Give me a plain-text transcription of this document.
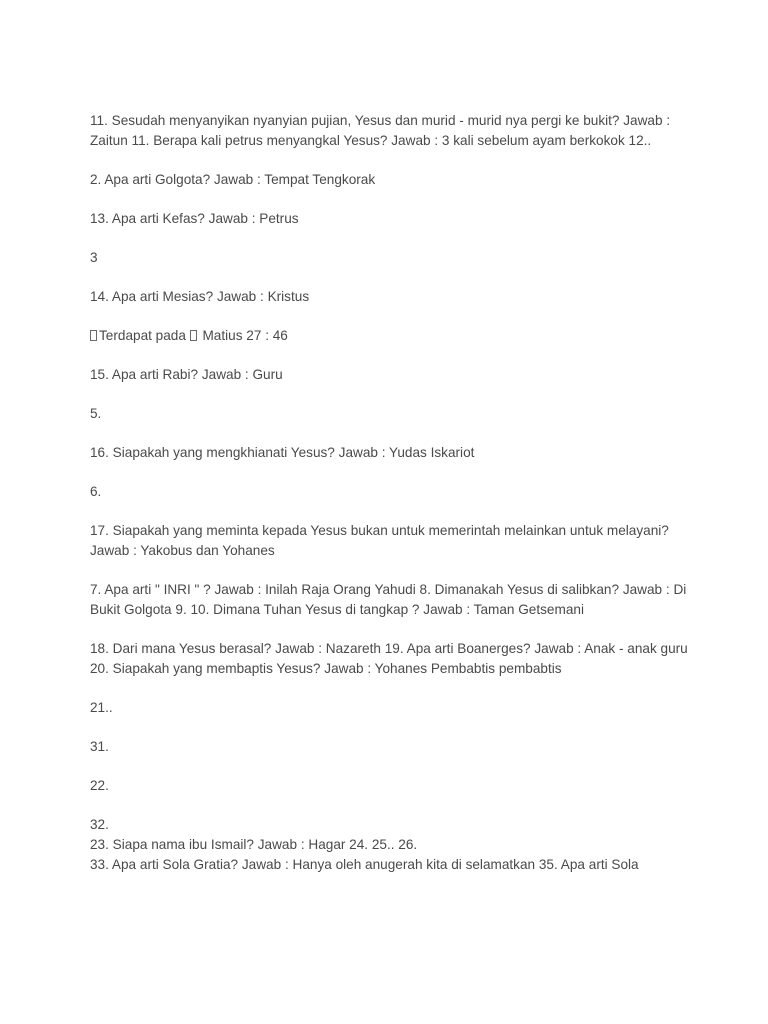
11. Sesudah menyanyikan nyanyian pujian, Yesus dan murid - murid nya pergi ke bukit? Jawab : Zaitun 11. Berapa kali petrus menyangkal Yesus? Jawab : 3 kali sebelum ayam berkokok 12..

2. Apa arti Golgota? Jawab : Tempat Tengkorak

13. Apa arti Kefas? Jawab : Petrus

3

14. Apa arti Mesias? Jawab : Kristus

Terdapat pada Matius 27 : 46

15. Apa arti Rabi? Jawab : Guru

5.

16. Siapakah yang mengkhianati Yesus? Jawab : Yudas Iskariot

6.

17. Siapakah yang meminta kepada Yesus bukan untuk memerintah melainkan untuk melayani? Jawab : Yakobus dan Yohanes

7. Apa arti " INRI " ? Jawab : Inilah Raja Orang Yahudi 8. Dimanakah Yesus di salibkan? Jawab : Di Bukit Golgota 9. 10. Dimana Tuhan Yesus di tangkap ? Jawab : Taman Getsemani

18. Dari mana Yesus berasal? Jawab : Nazareth 19. Apa arti Boanerges? Jawab : Anak - anak guru 20. Siapakah yang membaptis Yesus? Jawab : Yohanes Pembabtis pembabtis

21..

31.

22.

32.

23. Siapa nama ibu Ismail? Jawab : Hagar 24. 25.. 26.

33. Apa arti Sola Gratia? Jawab : Hanya oleh anugerah kita di selamatkan 35. Apa arti Sola
